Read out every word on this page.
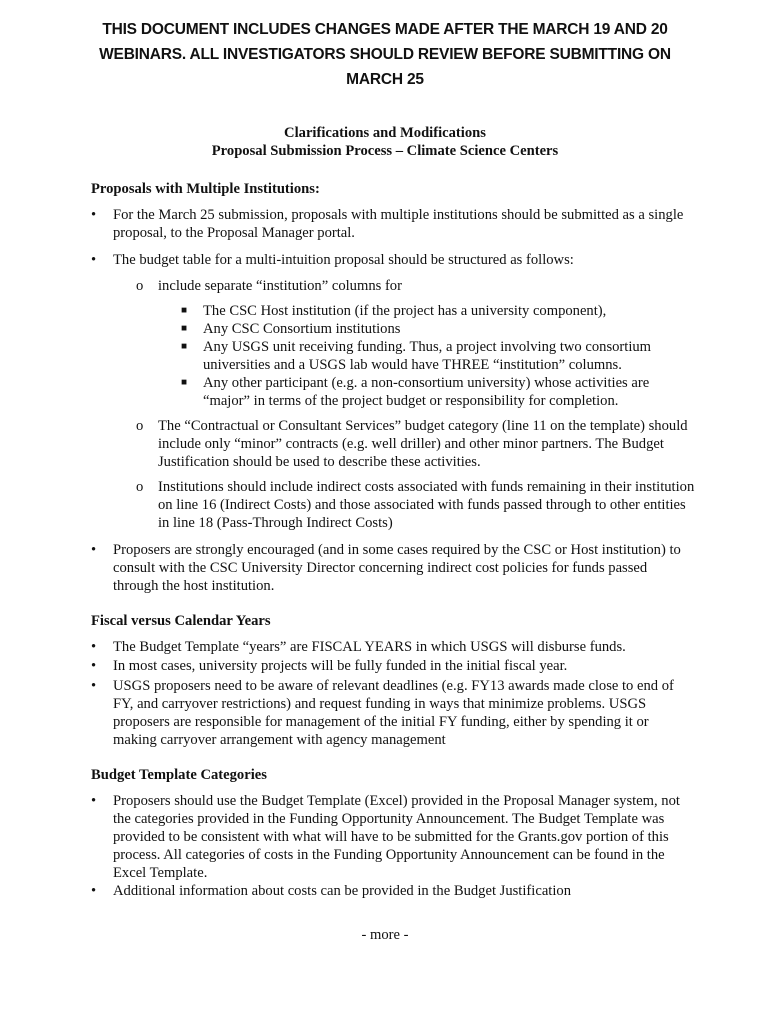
THIS DOCUMENT INCLUDES CHANGES MADE AFTER THE MARCH 19 AND 20
WEBINARS. ALL INVESTIGATORS SHOULD REVIEW BEFORE SUBMITTING ON
MARCH 25
Clarifications and Modifications
Proposal Submission Process – Climate Science Centers
Proposals with Multiple Institutions:
•	For the March 25 submission, proposals with multiple institutions should be submitted as a single proposal, to the Proposal Manager portal.
•	The budget table for a multi-intuition proposal should be structured as follows:
o include separate “institution” columns for
■ The CSC Host institution (if the project has a university component),
■ Any CSC Consortium institutions
■ Any USGS unit receiving funding. Thus, a project involving two consortium universities and a USGS lab would have THREE “institution” columns.
■ Any other participant (e.g. a non-consortium university) whose activities are “major” in terms of the project budget or responsibility for completion.
o The “Contractual or Consultant Services” budget category (line 11 on the template) should include only “minor” contracts (e.g. well driller) and other minor partners. The Budget Justification should be used to describe these activities.
o Institutions should include indirect costs associated with funds remaining in their institution on line 16 (Indirect Costs) and those associated with funds passed through to other entities in line 18 (Pass-Through Indirect Costs)
•	Proposers are strongly encouraged (and in some cases required by the CSC or Host institution) to consult with the CSC University Director concerning indirect cost policies for funds passed through the host institution.
Fiscal versus Calendar Years
•	The Budget Template “years” are FISCAL YEARS in which USGS will disburse funds.
•	In most cases, university projects will be fully funded in the initial fiscal year.
•	USGS proposers need to be aware of relevant deadlines (e.g. FY13 awards made close to end of FY, and carryover restrictions) and request funding in ways that minimize problems. USGS proposers are responsible for management of the initial FY funding, either by spending it or making carryover arrangement with agency management
Budget Template Categories
•	Proposers should use the Budget Template (Excel) provided in the Proposal Manager system, not the categories provided in the Funding Opportunity Announcement. The Budget Template was provided to be consistent with what will have to be submitted for the Grants.gov portion of this process. All categories of costs in the Funding Opportunity Announcement can be found in the Excel Template.
•	Additional information about costs can be provided in the Budget Justification
- more -
